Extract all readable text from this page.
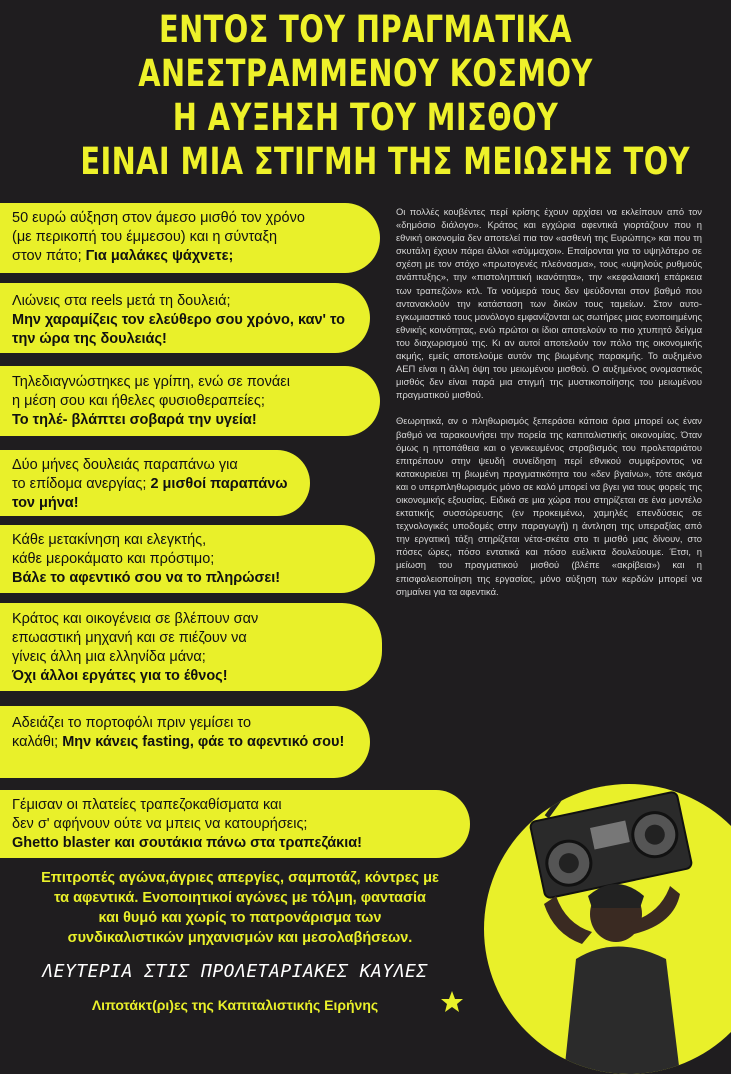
ΕΝΤΟΣ ΤΟΥ ΠΡΑΓΜΑΤΙΚΑ
ΑΝΕΣΤΡΑΜΜΕΝΟΥ ΚΟΣΜΟΥ
Η ΑΥΞΗΣΗ ΤΟΥ ΜΙΣΘΟΥ
ΕΙΝΑΙ ΜΙΑ ΣΤΙΓΜΗ ΤΗΣ ΜΕΙΩΣΗΣ ΤΟΥ
50 ευρώ αύξηση στον άμεσο μισθό τον χρόνο
(με περικοπή του έμμεσου) και η σύνταξη
στον πάτο; Για μαλάκες ψάχνετε;
Λιώνεις στα reels μετά τη δουλειά;
Μην χαραμίζεις τον ελεύθερο σου χρόνο, καν' το την ώρα της δουλειάς!
Τηλεδιαγνώστηκες με γρίπη, ενώ σε πονάει
η μέση σου και ήθελες φυσιοθεραπείες;
Το τηλέ- βλάπτει σοβαρά την υγεία!
Δύο μήνες δουλειάς παραπάνω για
το επίδομα ανεργίας; 2 μισθοί παραπάνω τον μήνα!
Κάθε μετακίνηση και ελεγκτής,
κάθε μεροκάματο και πρόστιμο;
Βάλε το αφεντικό σου να το πληρώσει!
Κράτος και οικογένεια σε βλέπουν σαν
επωαστική μηχανή και σε πιέζουν να
γίνεις άλλη μια ελληνίδα μάνα;
Όχι άλλοι εργάτες για το έθνος!
Αδειάζει το πορτοφόλι πριν γεμίσει το
καλάθι; Μην κάνεις fasting, φάε το αφεντικό σου!
Γέμισαν οι πλατείες τραπεζοκαθίσματα και
δεν σ' αφήνουν ούτε να μπεις να κατουρήσεις;
Ghetto blaster και σουτάκια πάνω στα τραπεζάκια!

Οι πολλές κουβέντες περί κρίσης έχουν αρχίσει να εκλείπουν από τον «δημόσιο διάλογο». Κράτος και εγχώρια αφεντικά γιορτάζουν που η εθνική οικονομία δεν αποτελεί πια τον «ασθενή της Ευρώπης» και που τη σκυτάλη έχουν πάρει άλλοι «σύμμαχοι». Επαίρονται για το υψηλότερο σε σχέση με τον στόχο «πρωτογενές πλεόνασμα», τους «υψηλούς ρυθμούς ανάπτυξης», την «πιστοληπτική ικανότητα», την «κεφαλαιακή επάρκεια των τραπεζών» κτλ. Τα νούμερά τους δεν ψεύδονται στον βαθμό που αντανακλούν την κατάσταση των δικών τους ταμείων. Στον αυτο-εγκωμιαστικό τους μονόλογο εμφανίζονται ως σωτήρες μιας ενοποιημένης εθνικής κοινότητας, ενώ πρώτοι οι ίδιοι αποτελούν το πιο χτυπητό δείγμα του διαχωρισμού της. Κι αν αυτοί αποτελούν τον πόλο της οικονομικής ακμής, εμείς αποτελούμε αυτόν της βιωμένης παρακμής. Το αυξημένο ΑΕΠ είναι η άλλη όψη του μειωμένου μισθού. Ο αυξημένος ονομαστικός μισθός δεν είναι παρά μια στιγμή της μυστικοποίησης του μειωμένου πραγματικού μισθού.

Θεωρητικά, αν ο πληθωρισμός ξεπεράσει κάποια όρια μπορεί ως έναν βαθμό να ταρακουνήσει την πορεία της καπιταλιστικής οικονομίας. Όταν όμως η ηττοπάθεια και ο γενικευμένος στραβισμός του προλεταριάτου επιτρέπουν στην ψευδή συνείδηση περί εθνικού συμφέροντος να κατακυριεύει τη βιωμένη πραγματικότητα του «δεν βγαίνω», τότε ακόμα και ο υπερπληθωρισμός μόνο σε καλό μπορεί να βγει για τους φορείς της οικονομικής εξουσίας. Ειδικά σε μια χώρα που στηρίζεται σε ένα μοντέλο εκτατικής συσσώρευσης (εν προκειμένω, χαμηλές επενδύσεις σε τεχνολογικές υποδομές στην παραγωγή) η άντληση της υπεραξίας από την εργατική τάξη στηρίζεται νέτα-σκέτα στο τι μισθό μας δίνουν, στο πόσες ώρες, πόσο εντατικά και πόσο ευέλικτα δουλεύουμε. Έτσι, η μείωση του πραγματικού μισθού (βλέπε «ακρίβεια») και η επισφαλειοποίηση της εργασίας, μόνο αύξηση των κερδών μπορεί να σημαίνει για τα αφεντικά.

Επιτροπές αγώνα,άγριες απεργίες, σαμποτάζ, κόντρες με
τα αφεντικά. Ενοποιητικοί αγώνες με τόλμη, φαντασία
και θυμό και χωρίς το πατρονάρισμα των
συνδικαλιστικών μηχανισμών και μεσολαβήσεων.
ΛΕΥΤΕΡΙΑ ΣΤΙΣ ΠΡΟΛΕΤΑΡΙΑΚΕΣ ΚΑΥΛΕΣ
Λιποτάκτ(ρι)ες της Καπιταλιστικής Ειρήνης
